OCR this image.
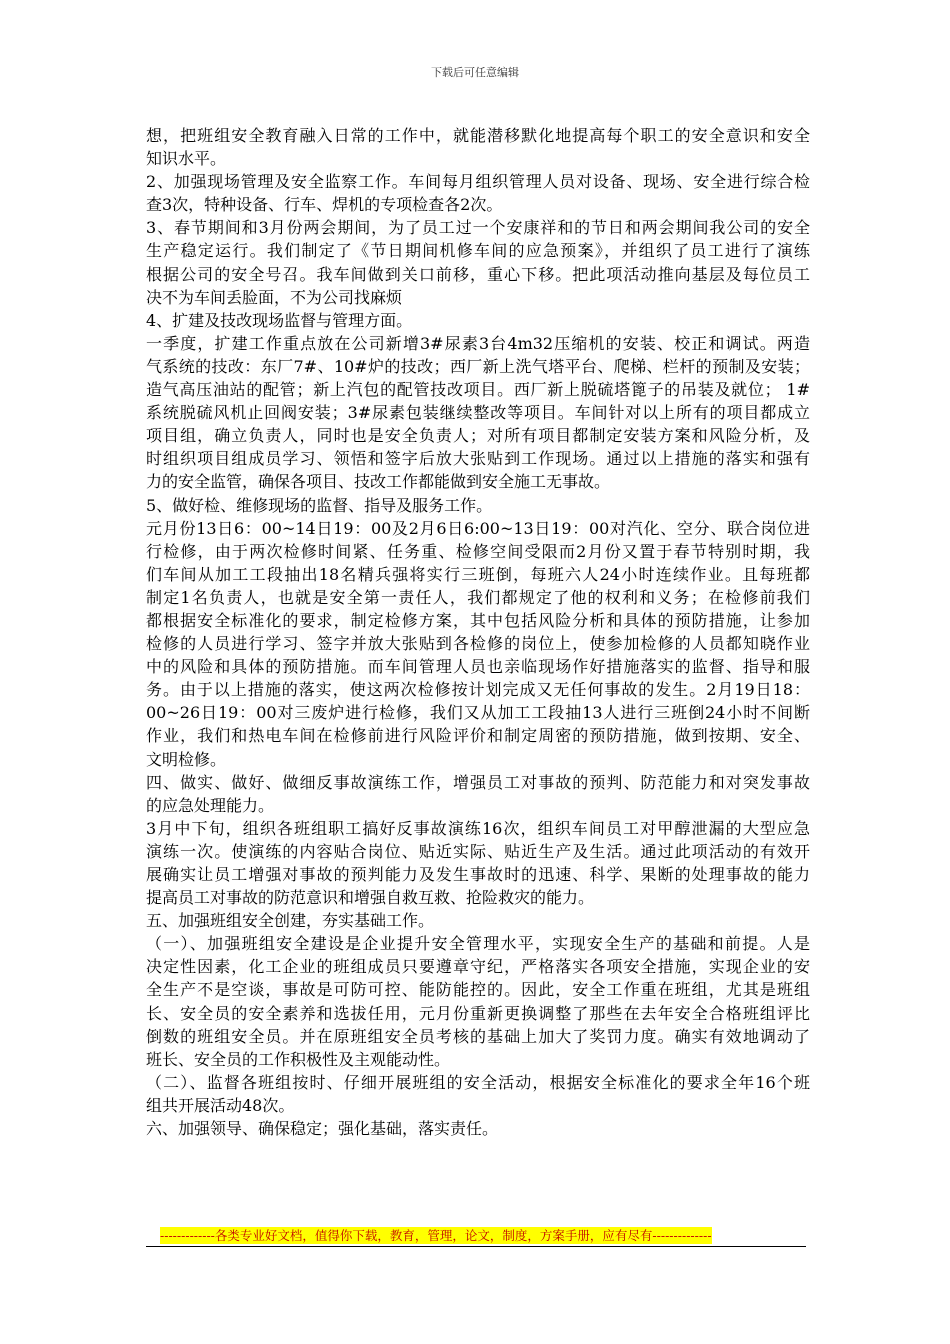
下载后可任意编辑
想，把班组安全教育融入日常的工作中，就能潜移默化地提高每个职工的安全意识和安全
知识水平。
2、加强现场管理及安全监察工作。车间每月组织管理人员对设备、现场、安全进行综合检
查3次，特种设备、行车、焊机的专项检查各2次。
3、春节期间和3月份两会期间，为了员工过一个安康祥和的节日和两会期间我公司的安全
生产稳定运行。我们制定了《节日期间机修车间的应急预案》，并组织了员工进行了演练
根据公司的安全号召。我车间做到关口前移，重心下移。把此项活动推向基层及每位员工
决不为车间丢脸面，不为公司找麻烦
4、扩建及技改现场监督与管理方面。
一季度，扩建工作重点放在公司新增3#尿素3台4m32压缩机的安装、校正和调试。两造
气系统的技改：东厂7#、10#炉的技改；西厂新上洗气塔平台、爬梯、栏杆的预制及安装；
造气高压油站的配管；新上汽包的配管技改项目。西厂新上脱硫塔篦子的吊装及就位； 1#
系统脱硫风机止回阀安装；3#尿素包装继续整改等项目。车间针对以上所有的项目都成立
项目组，确立负责人，同时也是安全负责人；对所有项目都制定安装方案和风险分析，及
时组织项目组成员学习、领悟和签字后放大张贴到工作现场。通过以上措施的落实和强有
力的安全监管，确保各项目、技改工作都能做到安全施工无事故。
5、做好检、维修现场的监督、指导及服务工作。
元月份13日6：00~14日19：00及2月6日6:00~13日19：00对汽化、空分、联合岗位进
行检修，由于两次检修时间紧、任务重、检修空间受限而2月份又置于春节特别时期，我
们车间从加工工段抽出18名精兵强将实行三班倒，每班六人24小时连续作业。且每班都
制定1名负责人，也就是安全第一责任人，我们都规定了他的权利和义务；在检修前我们
都根据安全标准化的要求，制定检修方案，其中包括风险分析和具体的预防措施，让参加
检修的人员进行学习、签字并放大张贴到各检修的岗位上，使参加检修的人员都知晓作业
中的风险和具体的预防措施。而车间管理人员也亲临现场作好措施落实的监督、指导和服
务。由于以上措施的落实，使这两次检修按计划完成又无任何事故的发生。2月19日18：
00~26日19：00对三废炉进行检修，我们又从加工工段抽13人进行三班倒24小时不间断
作业，我们和热电车间在检修前进行风险评价和制定周密的预防措施，做到按期、安全、
文明检修。
四、做实、做好、做细反事故演练工作，增强员工对事故的预判、防范能力和对突发事故
的应急处理能力。
3月中下旬，组织各班组职工搞好反事故演练16次，组织车间员工对甲醇泄漏的大型应急
演练一次。使演练的内容贴合岗位、贴近实际、贴近生产及生活。通过此项活动的有效开
展确实让员工增强对事故的预判能力及发生事故时的迅速、科学、果断的处理事故的能力
提高员工对事故的防范意识和增强自救互救、抢险救灾的能力。
五、加强班组安全创建，夯实基础工作。
（一）、加强班组安全建设是企业提升安全管理水平，实现安全生产的基础和前提。人是
决定性因素，化工企业的班组成员只要遵章守纪，严格落实各项安全措施，实现企业的安
全生产不是空谈，事故是可防可控、能防能控的。因此，安全工作重在班组，尤其是班组
长、安全员的安全素养和选拔任用，元月份重新更换调整了那些在去年安全合格班组评比
倒数的班组安全员。并在原班组安全员考核的基础上加大了奖罚力度。确实有效地调动了
班长、安全员的工作积极性及主观能动性。
（二）、监督各班组按时、仔细开展班组的安全活动，根据安全标准化的要求全年16个班
组共开展活动48次。
六、加强领导、确保稳定；强化基础，落实责任。
-------------各类专业好文档，值得你下载，教育，管理，论文，制度，方案手册，应有尽有--------------
